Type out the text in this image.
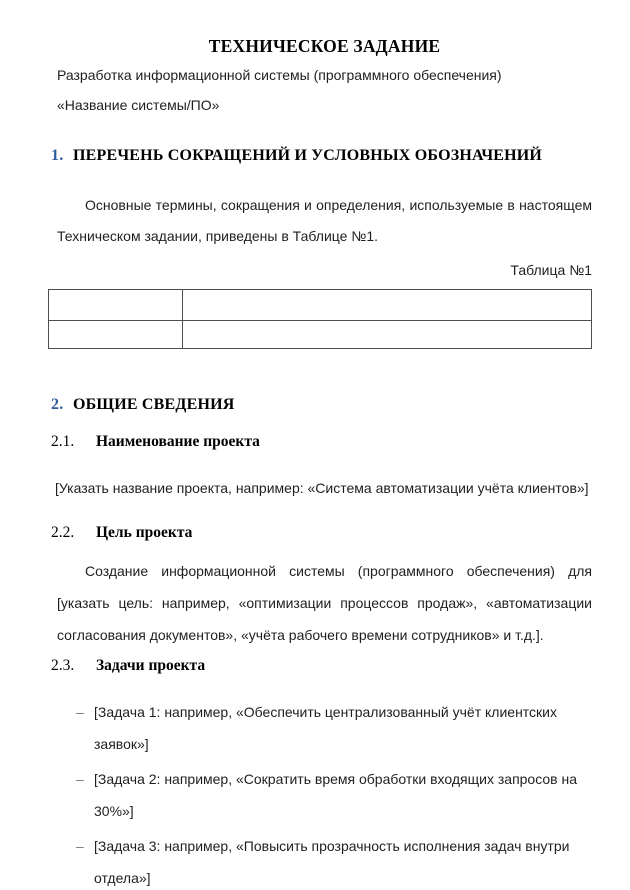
ТЕХНИЧЕСКОЕ ЗАДАНИЕ
Разработка информационной системы (программного обеспечения)
«Название системы/ПО»
1. ПЕРЕЧЕНЬ СОКРАЩЕНИЙ И УСЛОВНЫХ ОБОЗНАЧЕНИЙ
Основные термины, сокращения и определения, используемые в настоящем
Техническом задании, приведены в Таблице №1.
Таблица №1

2. ОБЩИЕ СВЕДЕНИЯ
2.1. Наименование проекта
[Указать название проекта, например: «Система автоматизации учёта клиентов»]
2.2. Цель проекта
Создание информационной системы (программного обеспечения) для
[указать цель: например, «оптимизации процессов продаж», «автоматизации
согласования документов», «учёта рабочего времени сотрудников» и т.д.].
2.3. Задачи проекта
– [Задача 1: например, «Обеспечить централизованный учёт клиентских
заявок»]
– [Задача 2: например, «Сократить время обработки входящих запросов на
30%»]
– [Задача 3: например, «Повысить прозрачность исполнения задач внутри
отдела»]
